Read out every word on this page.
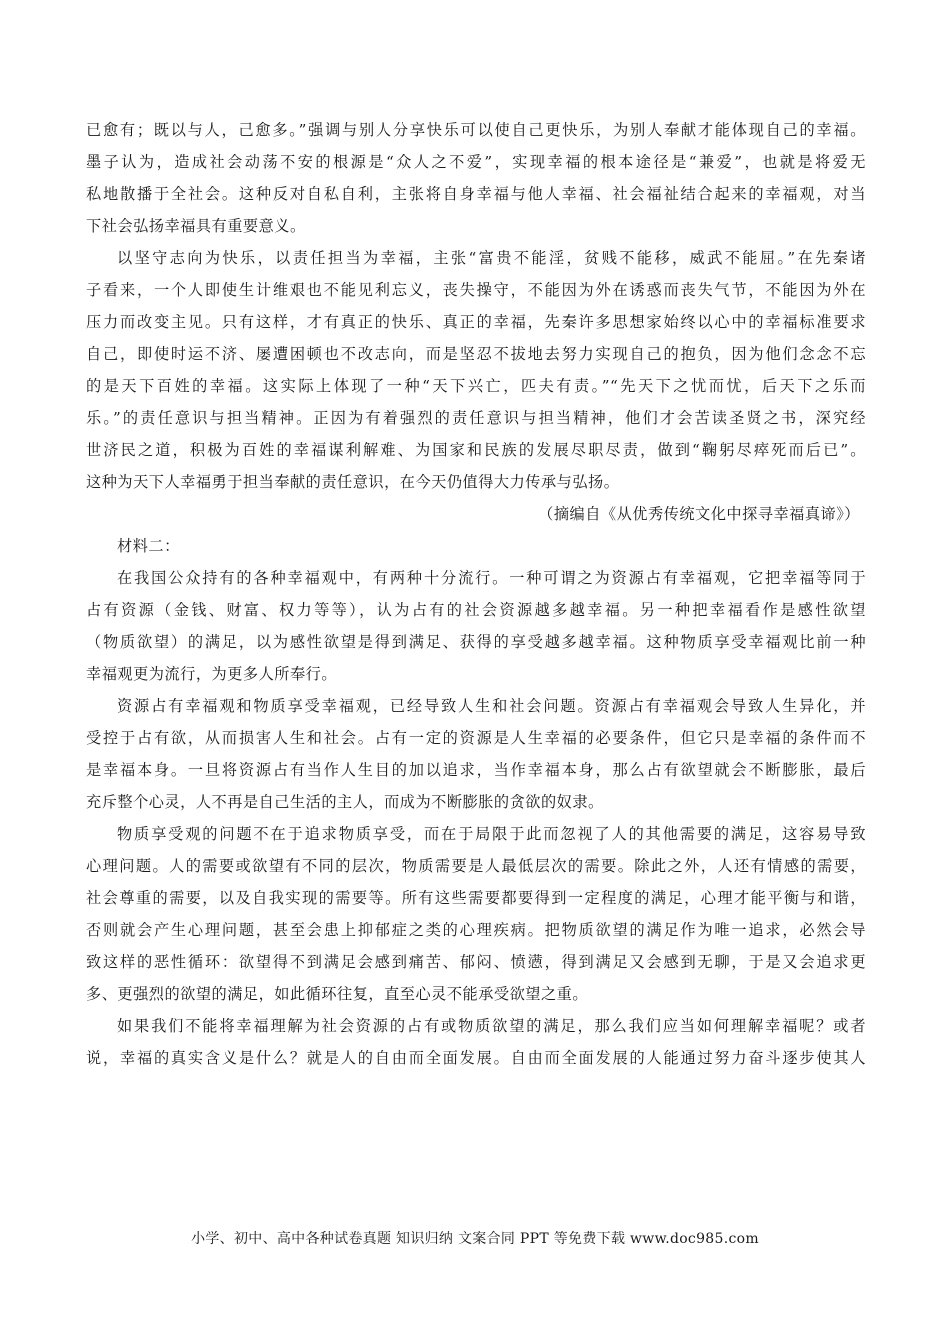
已愈有；既以与人，己愈多。”强调与别人分享快乐可以使自己更快乐，为别人奉献才能体现自己的幸福。
墨子认为，造成社会动荡不安的根源是“众人之不爱”，实现幸福的根本途径是“兼爱”，也就是将爱无
私地散播于全社会。这种反对自私自利，主张将自身幸福与他人幸福、社会福祉结合起来的幸福观，对当
下社会弘扬幸福具有重要意义。
以坚守志向为快乐，以责任担当为幸福，主张“富贵不能淫，贫贱不能移，威武不能屈。”在先秦诸
子看来，一个人即使生计维艰也不能见利忘义，丧失操守，不能因为外在诱惑而丧失气节，不能因为外在
压力而改变主见。只有这样，才有真正的快乐、真正的幸福，先秦许多思想家始终以心中的幸福标准要求
自己，即使时运不济、屡遭困顿也不改志向，而是坚忍不拔地去努力实现自己的抱负，因为他们念念不忘
的是天下百姓的幸福。这实际上体现了一种“天下兴亡，匹夫有责。”“先天下之忧而忧，后天下之乐而
乐。”的责任意识与担当精神。正因为有着强烈的责任意识与担当精神，他们才会苦读圣贤之书，深究经
世济民之道，积极为百姓的幸福谋利解难、为国家和民族的发展尽职尽责，做到“鞠躬尽瘁死而后已”。
这种为天下人幸福勇于担当奉献的责任意识，在今天仍值得大力传承与弘扬。
（摘编自《从优秀传统文化中探寻幸福真谛》）
材料二：
在我国公众持有的各种幸福观中，有两种十分流行。一种可谓之为资源占有幸福观，它把幸福等同于
占有资源（金钱、财富、权力等等），认为占有的社会资源越多越幸福。另一种把幸福看作是感性欲望
（物质欲望）的满足，以为感性欲望是得到满足、获得的享受越多越幸福。这种物质享受幸福观比前一种
幸福观更为流行，为更多人所奉行。
资源占有幸福观和物质享受幸福观，已经导致人生和社会问题。资源占有幸福观会导致人生异化，并
受控于占有欲，从而损害人生和社会。占有一定的资源是人生幸福的必要条件，但它只是幸福的条件而不
是幸福本身。一旦将资源占有当作人生目的加以追求，当作幸福本身，那么占有欲望就会不断膨胀，最后
充斥整个心灵，人不再是自己生活的主人，而成为不断膨胀的贪欲的奴隶。
物质享受观的问题不在于追求物质享受，而在于局限于此而忽视了人的其他需要的满足，这容易导致
心理问题。人的需要或欲望有不同的层次，物质需要是人最低层次的需要。除此之外，人还有情感的需要，
社会尊重的需要，以及自我实现的需要等。所有这些需要都要得到一定程度的满足，心理才能平衡与和谐，
否则就会产生心理问题，甚至会患上抑郁症之类的心理疾病。把物质欲望的满足作为唯一追求，必然会导
致这样的恶性循环：欲望得不到满足会感到痛苦、郁闷、愤懑，得到满足又会感到无聊，于是又会追求更
多、更强烈的欲望的满足，如此循环往复，直至心灵不能承受欲望之重。
如果我们不能将幸福理解为社会资源的占有或物质欲望的满足，那么我们应当如何理解幸福呢？或者
说，幸福的真实含义是什么？就是人的自由而全面发展。自由而全面发展的人能通过努力奋斗逐步使其人
小学、初中、高中各种试卷真题 知识归纳 文案合同 PPT 等免费下载 www.doc985.com
